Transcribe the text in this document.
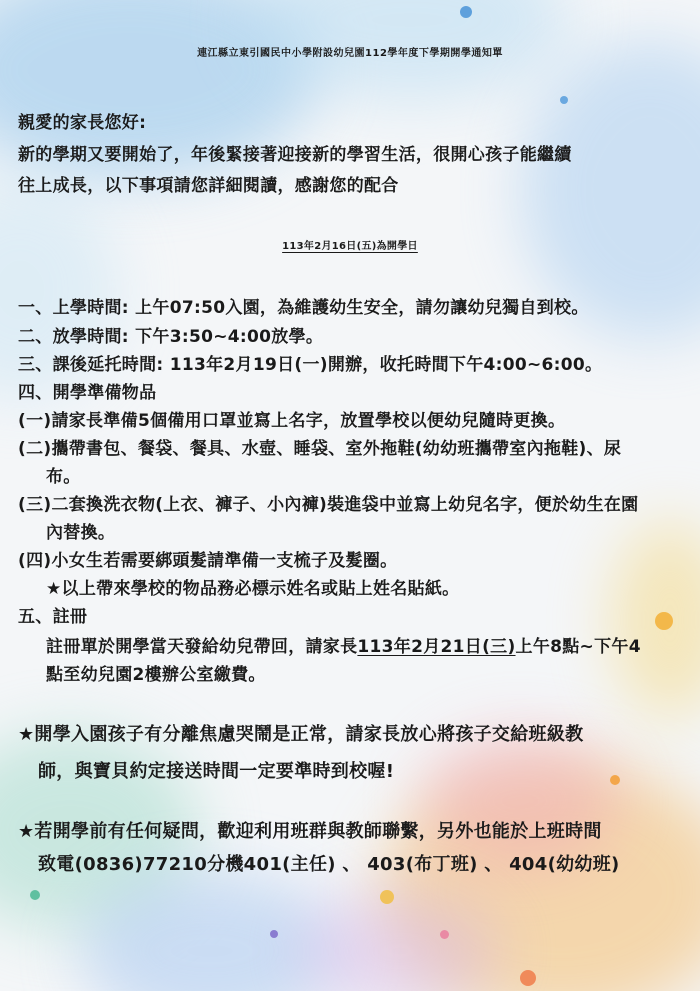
連江縣立東引國民中小學附設幼兒園112學年度下學期開學通知單
親愛的家長您好:
新的學期又要開始了，年後緊接著迎接新的學習生活，很開心孩子能繼續
往上成長，以下事項請您詳細閱讀，感謝您的配合
113年2月16日(五)為開學日
一、上學時間: 上午07:50入園，為維護幼生安全，請勿讓幼兒獨自到校。
二、放學時間: 下午3:50~4:00放學。
三、課後延托時間: 113年2月19日(一)開辦，收托時間下午4:00~6:00。
四、開學準備物品
(一)請家長準備5個備用口罩並寫上名字，放置學校以便幼兒隨時更換。
(二)攜帶書包、餐袋、餐具、水壺、睡袋、室外拖鞋(幼幼班攜帶室內拖鞋)、尿
布。
(三)二套換洗衣物(上衣、褲子、小內褲)裝進袋中並寫上幼兒名字，便於幼生在園
內替換。
(四)小女生若需要綁頭髮請準備一支梳子及髮圈。
★以上帶來學校的物品務必標示姓名或貼上姓名貼紙。
五、註冊
註冊單於開學當天發給幼兒帶回，請家長113年2月21日(三)上午8點~下午4
點至幼兒園2樓辦公室繳費。
★開學入園孩子有分離焦慮哭鬧是正常，請家長放心將孩子交給班級教
師，與寶貝約定接送時間一定要準時到校喔!
★若開學前有任何疑問，歡迎利用班群與教師聯繫，另外也能於上班時間
致電(0836)77210分機401(主任) 、 403(布丁班) 、 404(幼幼班)
